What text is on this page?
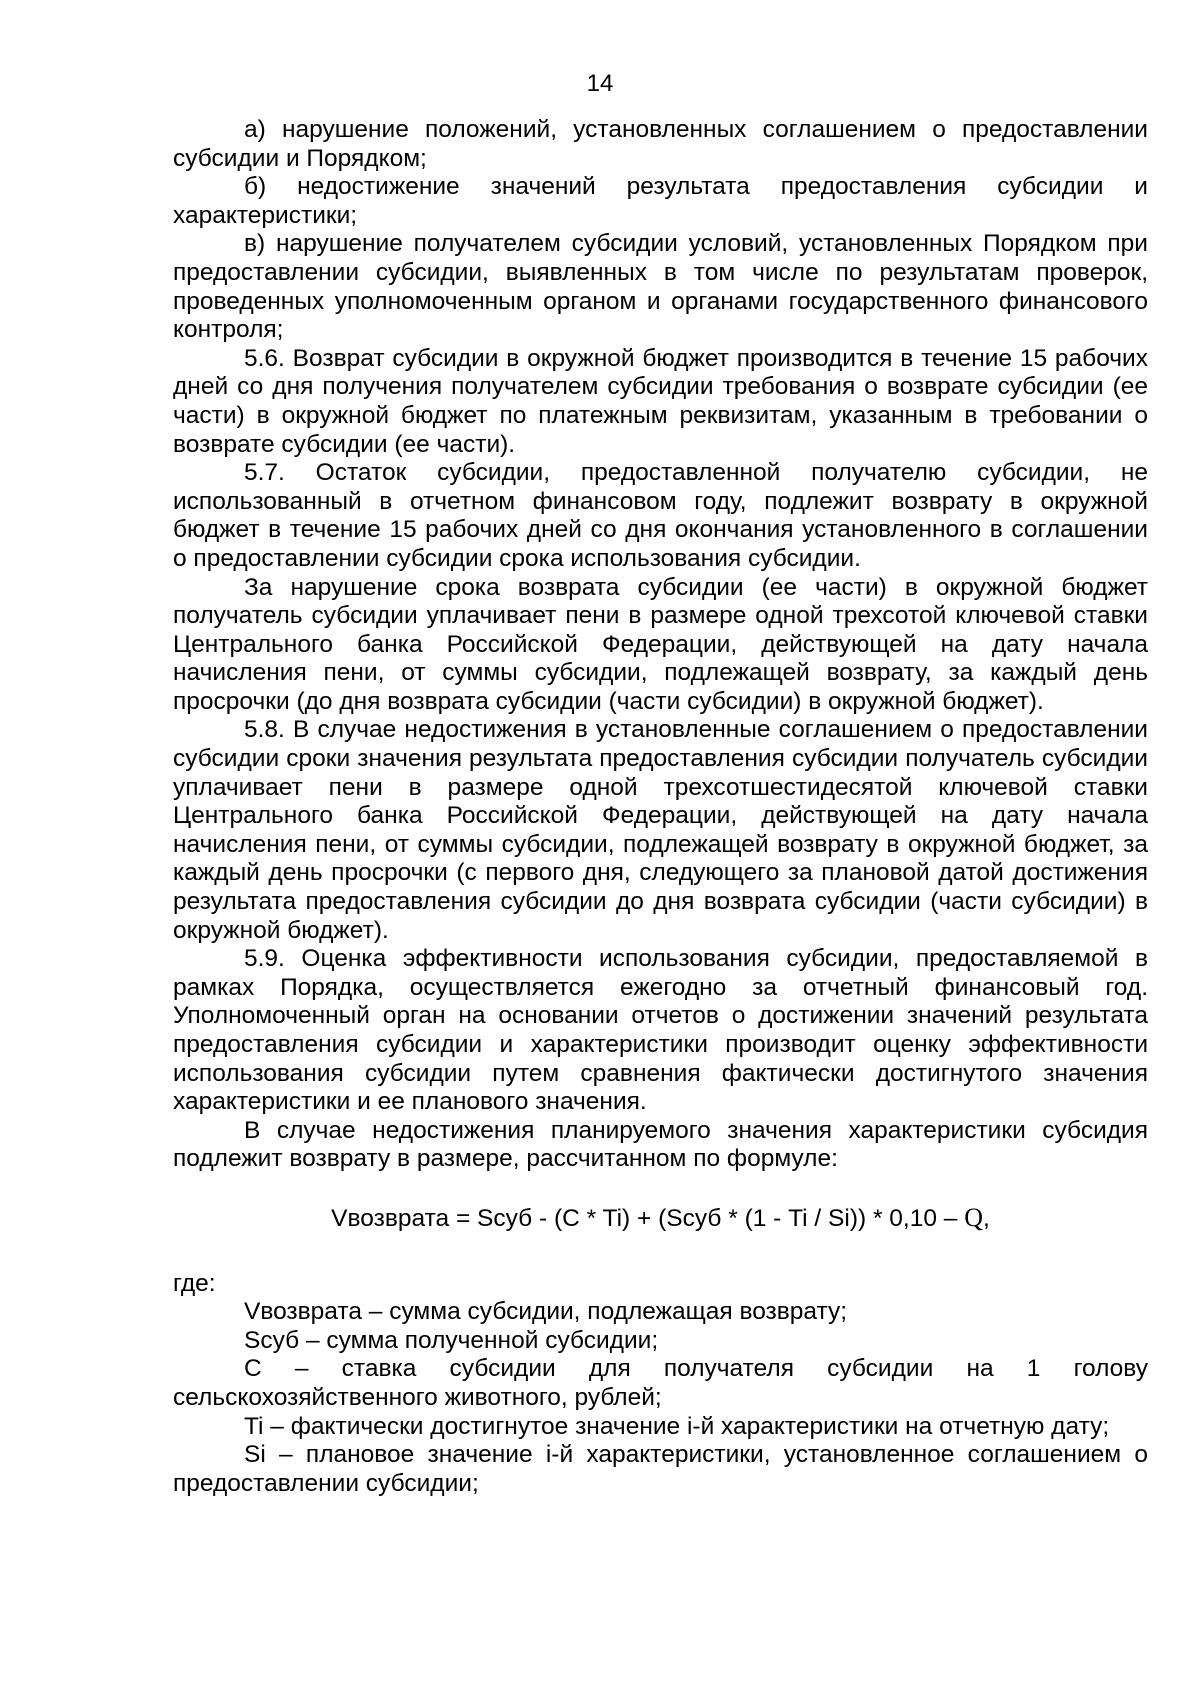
14

а) нарушение положений, установленных соглашением о предоставлении субсидии и Порядком;

б) недостижение значений результата предоставления субсидии и характеристики;

в) нарушение получателем субсидии условий, установленных Порядком при предоставлении субсидии, выявленных в том числе по результатам проверок, проведенных уполномоченным органом и органами государственного финансового контроля;

5.6. Возврат субсидии в окружной бюджет производится в течение 15 рабочих дней со дня получения получателем субсидии требования о возврате субсидии (ее части) в окружной бюджет по платежным реквизитам, указанным в требовании о возврате субсидии (ее части).

5.7. Остаток субсидии, предоставленной получателю субсидии, не использованный в отчетном финансовом году, подлежит возврату в окружной бюджет в течение 15 рабочих дней со дня окончания установленного в соглашении о предоставлении субсидии срока использования субсидии.

За нарушение срока возврата субсидии (ее части) в окружной бюджет получатель субсидии уплачивает пени в размере одной трехсотой ключевой ставки Центрального банка Российской Федерации, действующей на дату начала начисления пени, от суммы субсидии, подлежащей возврату, за каждый день просрочки (до дня возврата субсидии (части субсидии) в окружной бюджет).

5.8. В случае недостижения в установленные соглашением о предоставлении субсидии сроки значения результата предоставления субсидии получатель субсидии уплачивает пени в размере одной трехсотшестидесятой ключевой ставки Центрального банка Российской Федерации, действующей на дату начала начисления пени, от суммы субсидии, подлежащей возврату в окружной бюджет, за каждый день просрочки (с первого дня, следующего за плановой датой достижения результата предоставления субсидии до дня возврата субсидии (части субсидии) в окружной бюджет).

5.9. Оценка эффективности использования субсидии, предоставляемой в рамках Порядка, осуществляется ежегодно за отчетный финансовый год. Уполномоченный орган на основании отчетов о достижении значений результата предоставления субсидии и характеристики производит оценку эффективности использования субсидии путем сравнения фактически достигнутого значения характеристики и ее планового значения.

В случае недостижения планируемого значения характеристики субсидия подлежит возврату в размере, рассчитанном по формуле:

Vвозврата = Sсуб - (C * Ti) + (Sсуб * (1 - Ti / Si)) * 0,10 – Q,

где:

Vвозврата – сумма субсидии, подлежащая возврату;

Sсуб – сумма полученной субсидии;

C – ставка субсидии для получателя субсидии на 1 голову сельскохозяйственного животного, рублей;

Ti – фактически достигнутое значение i-й характеристики на отчетную дату;

Si – плановое значение i-й характеристики, установленное соглашением о предоставлении субсидии;
